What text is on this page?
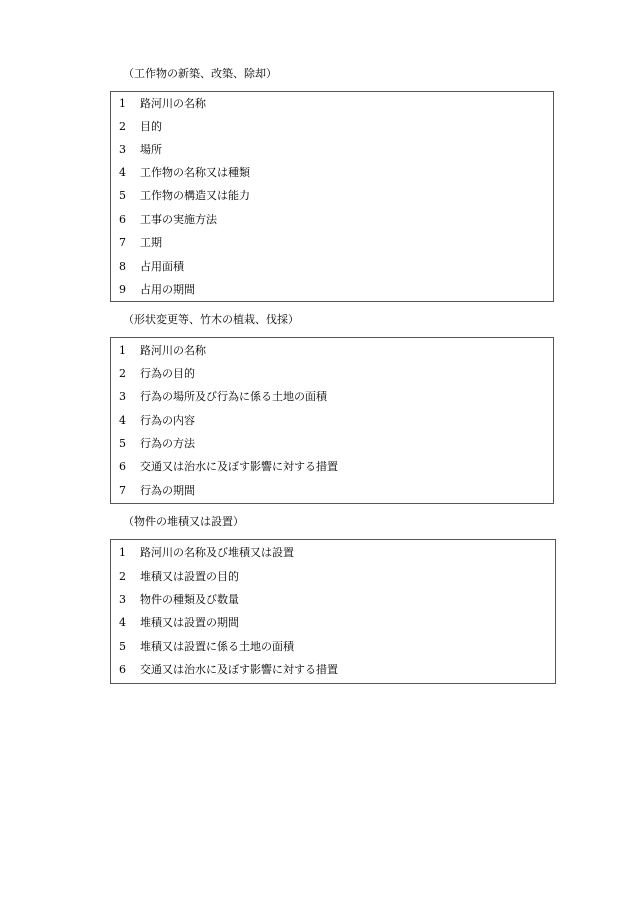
（工作物の新築、改築、除却）
1	路河川の名称
2	目的
3	場所
4	工作物の名称又は種類
5	工作物の構造又は能力
6	工事の実施方法
7	工期
8	占用面積
9	占用の期間
（形状変更等、竹木の植栽、伐採）
1	路河川の名称
2	行為の目的
3	行為の場所及び行為に係る土地の面積
4	行為の内容
5	行為の方法
6	交通又は治水に及ぼす影響に対する措置
7	行為の期間
（物件の堆積又は設置）
1	路河川の名称及び堆積又は設置
2	堆積又は設置の目的
3	物件の種類及び数量
4	堆積又は設置の期間
5	堆積又は設置に係る土地の面積
6	交通又は治水に及ぼす影響に対する措置
